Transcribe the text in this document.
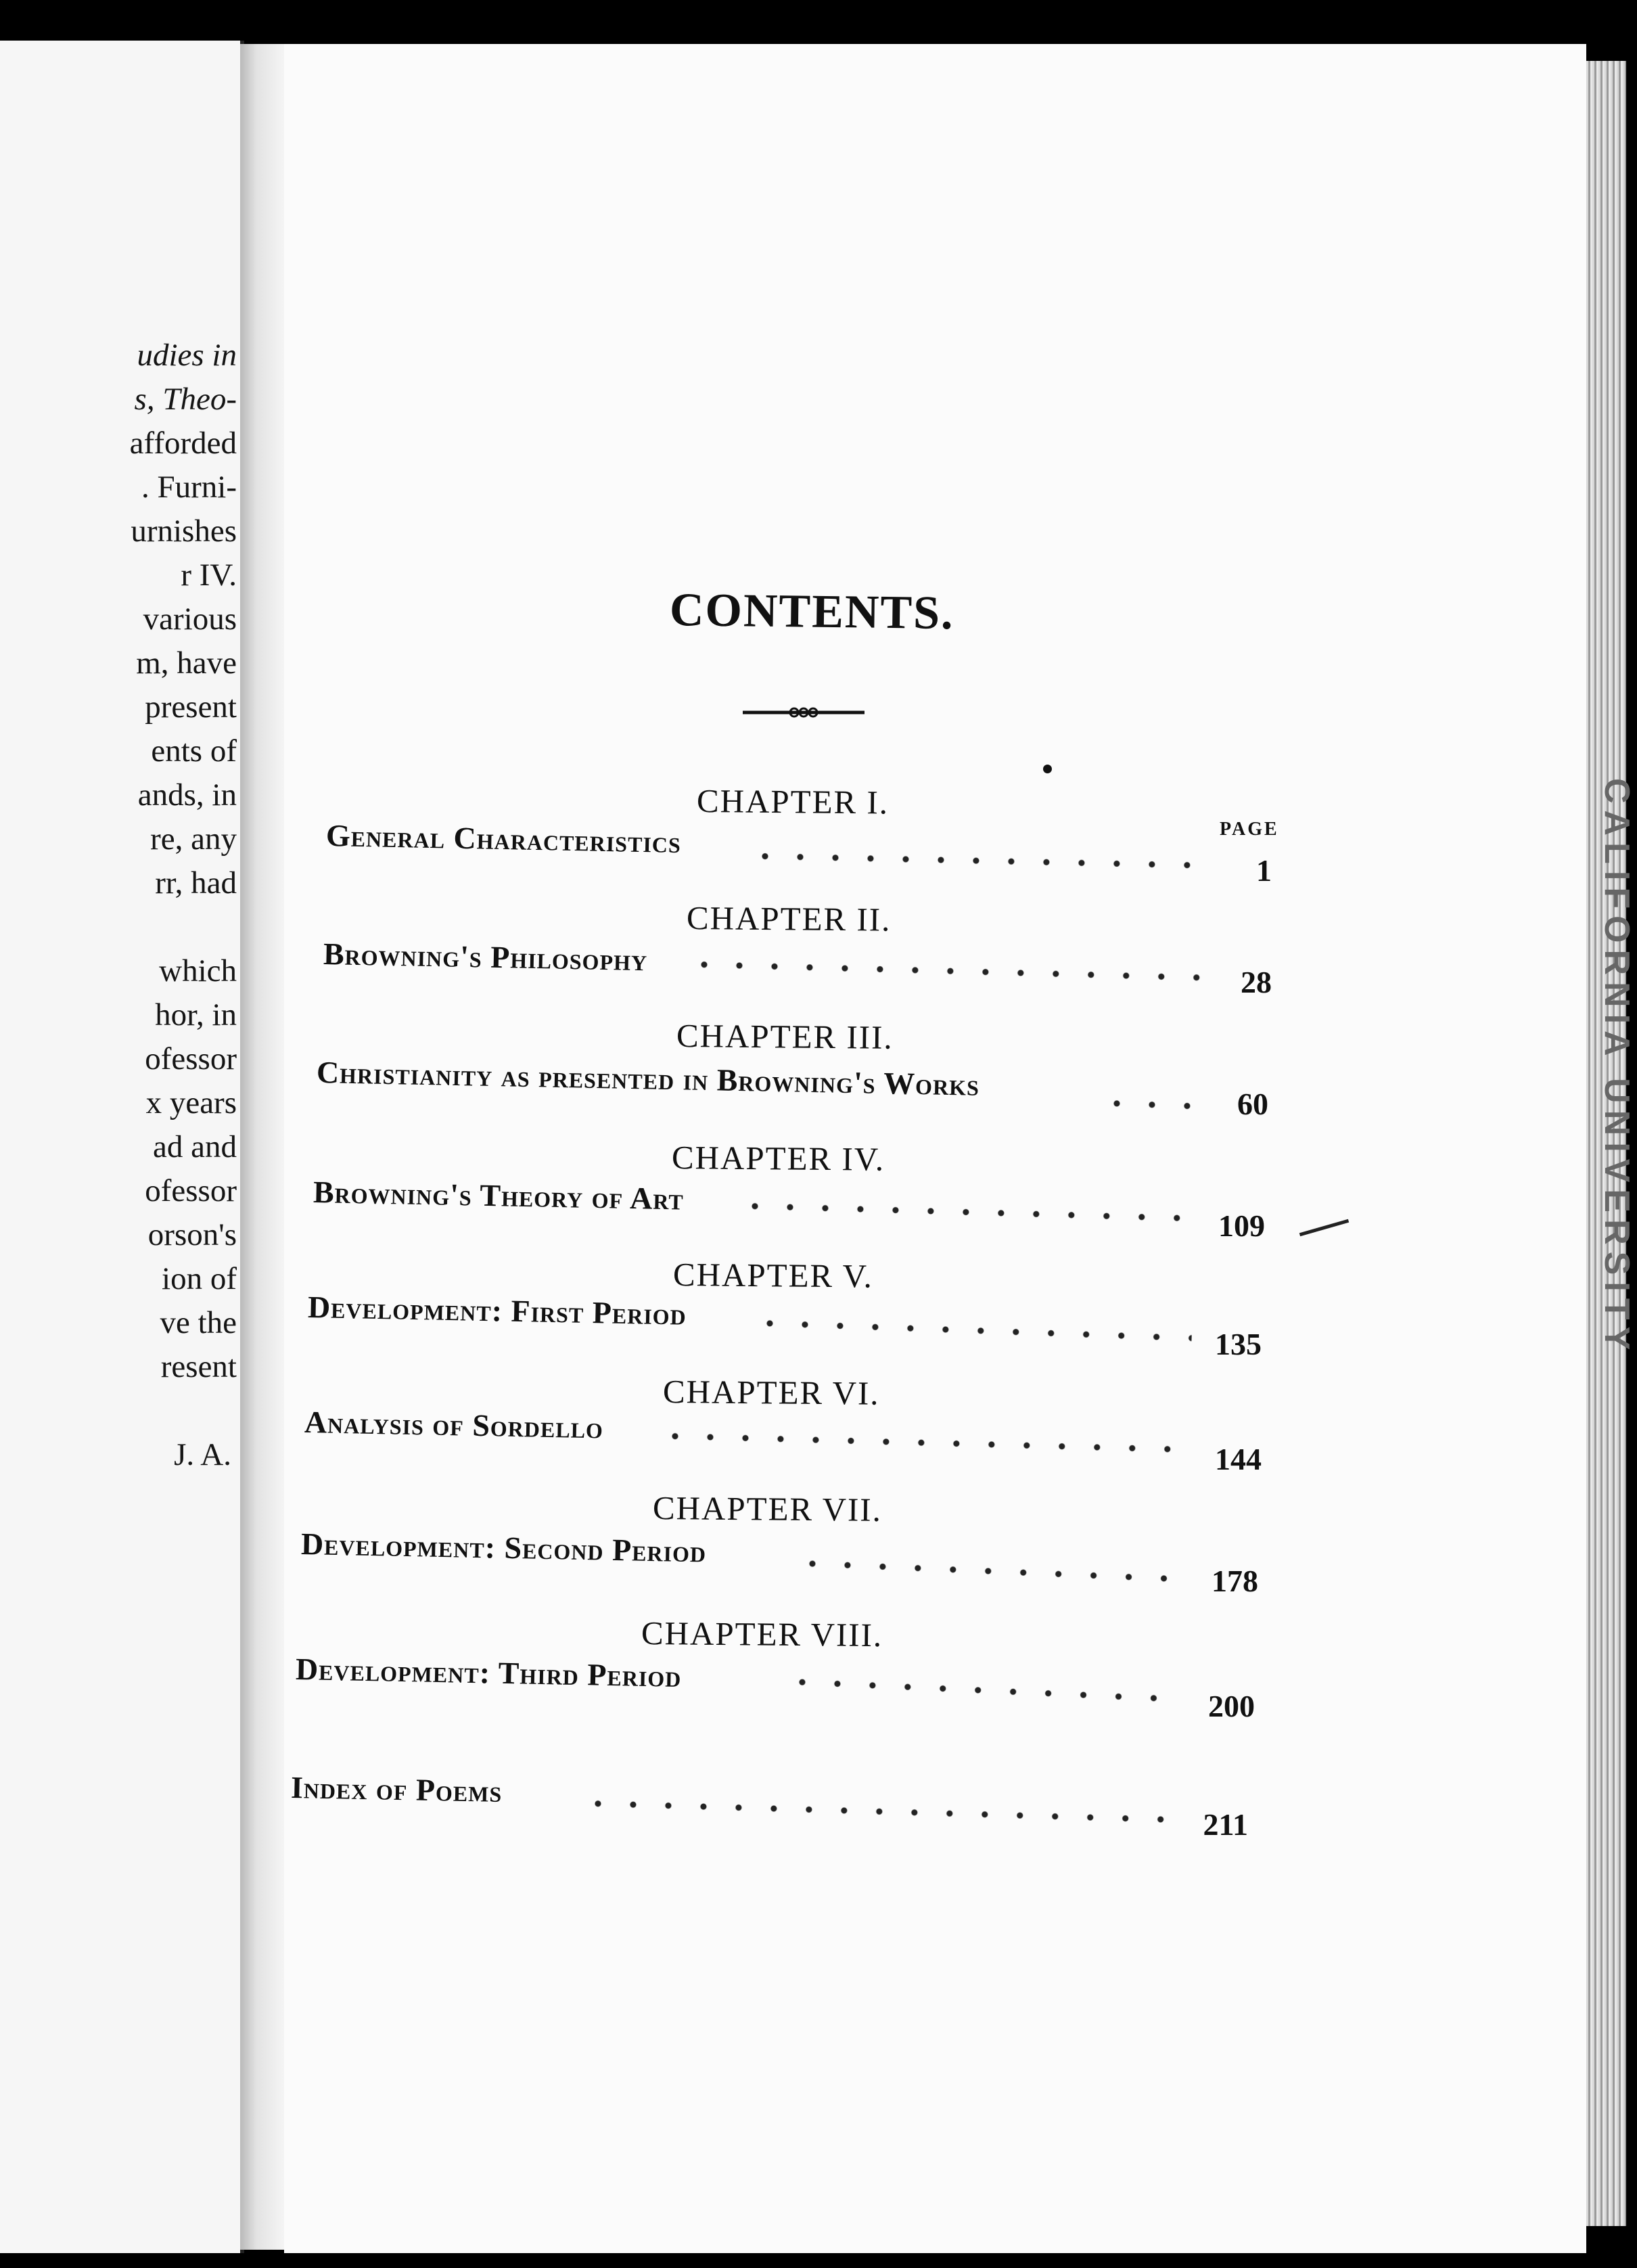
udies in
s, Theo-
afforded
. Furni-
urnishes
r IV.
various
m, have
present
ents of
ands, in
re, any
rr, had
which
hor, in
ofessor
x years
ad and
ofessor
orson's
ion of
ve the
resent
J. A.
CALIFORNIA UNIVERSITY
CONTENTS.
PAGE
CHAPTER I.
General Characteristics
1
CHAPTER II.
Browning's Philosophy
28
CHAPTER III.
Christianity as presented in Browning's Works
60
CHAPTER IV.
Browning's Theory of Art
109
CHAPTER V.
Development: First Period
135
CHAPTER VI.
Analysis of Sordello
144
CHAPTER VII.
Development: Second Period
178
CHAPTER VIII.
Development: Third Period
200
Index of Poems
211
